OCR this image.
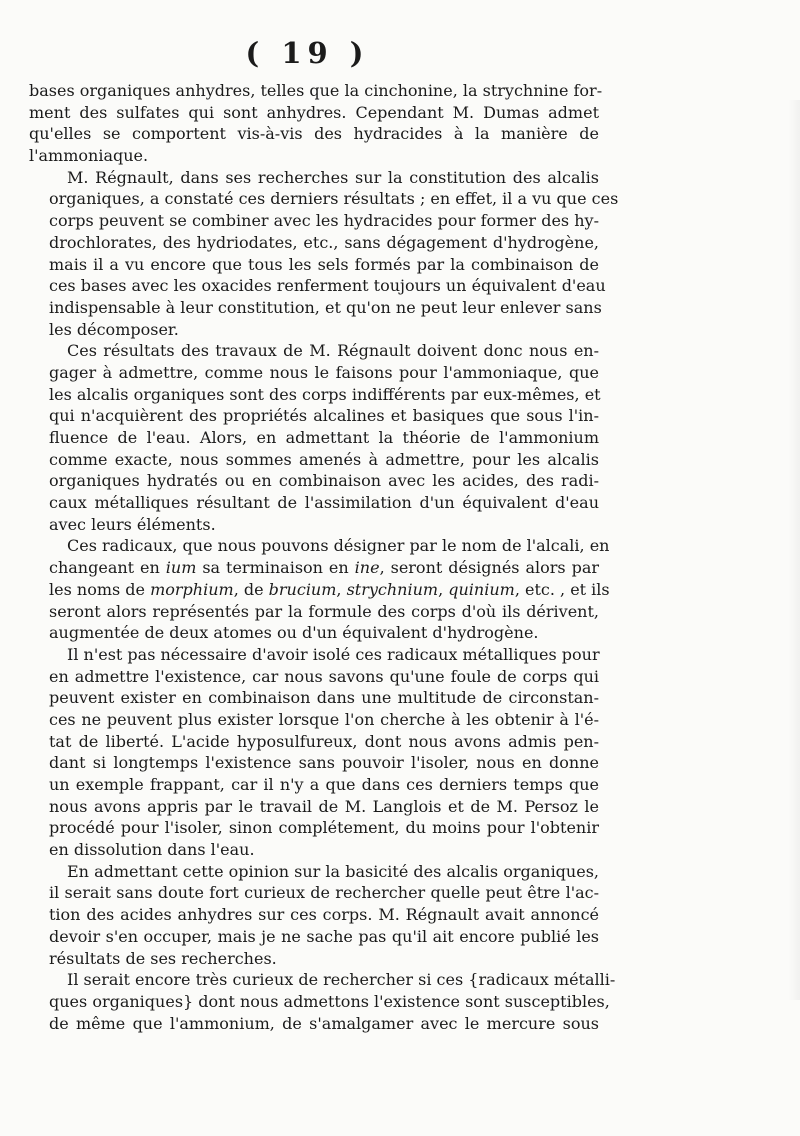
( 19 )
bases organiques anhydres, telles que la cinchonine, la strychnine for-
ment des sulfates qui sont anhydres. Cependant M. Dumas admet
qu'elles se comportent vis-à-vis des hydracides à la manière de
l'ammoniaque.
M. Régnault, dans ses recherches sur la constitution des alcalis
organiques, a constaté ces derniers résultats ; en effet, il a vu que ces
corps peuvent se combiner avec les hydracides pour former des hy-
drochlorates, des hydriodates, etc., sans dégagement d'hydrogène,
mais il a vu encore que tous les sels formés par la combinaison de
ces bases avec les oxacides renferment toujours un équivalent d'eau
indispensable à leur constitution, et qu'on ne peut leur enlever sans
les décomposer.
Ces résultats des travaux de M. Régnault doivent donc nous en-
gager à admettre, comme nous le faisons pour l'ammoniaque, que
les alcalis organiques sont des corps indifférents par eux-mêmes, et
qui n'acquièrent des propriétés alcalines et basiques que sous l'in-
fluence de l'eau. Alors, en admettant la théorie de l'ammonium
comme exacte, nous sommes amenés à admettre, pour les alcalis
organiques hydratés ou en combinaison avec les acides, des radi-
caux métalliques résultant de l'assimilation d'un équivalent d'eau
avec leurs éléments.
Ces radicaux, que nous pouvons désigner par le nom de l'alcali, en
changeant en ium sa terminaison en ine, seront désignés alors par
les noms de morphium, de brucium, strychnium, quinium, etc. , et ils
seront alors représentés par la formule des corps d'où ils dérivent,
augmentée de deux atomes ou d'un équivalent d'hydrogène.
Il n'est pas nécessaire d'avoir isolé ces radicaux métalliques pour
en admettre l'existence, car nous savons qu'une foule de corps qui
peuvent exister en combinaison dans une multitude de circonstan-
ces ne peuvent plus exister lorsque l'on cherche à les obtenir à l'é-
tat de liberté. L'acide hyposulfureux, dont nous avons admis pen-
dant si longtemps l'existence sans pouvoir l'isoler, nous en donne
un exemple frappant, car il n'y a que dans ces derniers temps que
nous avons appris par le travail de M. Langlois et de M. Persoz le
procédé pour l'isoler, sinon complétement, du moins pour l'obtenir
en dissolution dans l'eau.
En admettant cette opinion sur la basicité des alcalis organiques,
il serait sans doute fort curieux de rechercher quelle peut être l'ac-
tion des acides anhydres sur ces corps. M. Régnault avait annoncé
devoir s'en occuper, mais je ne sache pas qu'il ait encore publié les
résultats de ses recherches.
Il serait encore très curieux de rechercher si ces {radicaux métalli-
ques organiques} dont nous admettons l'existence sont susceptibles,
de même que l'ammonium, de s'amalgamer avec le mercure sous
